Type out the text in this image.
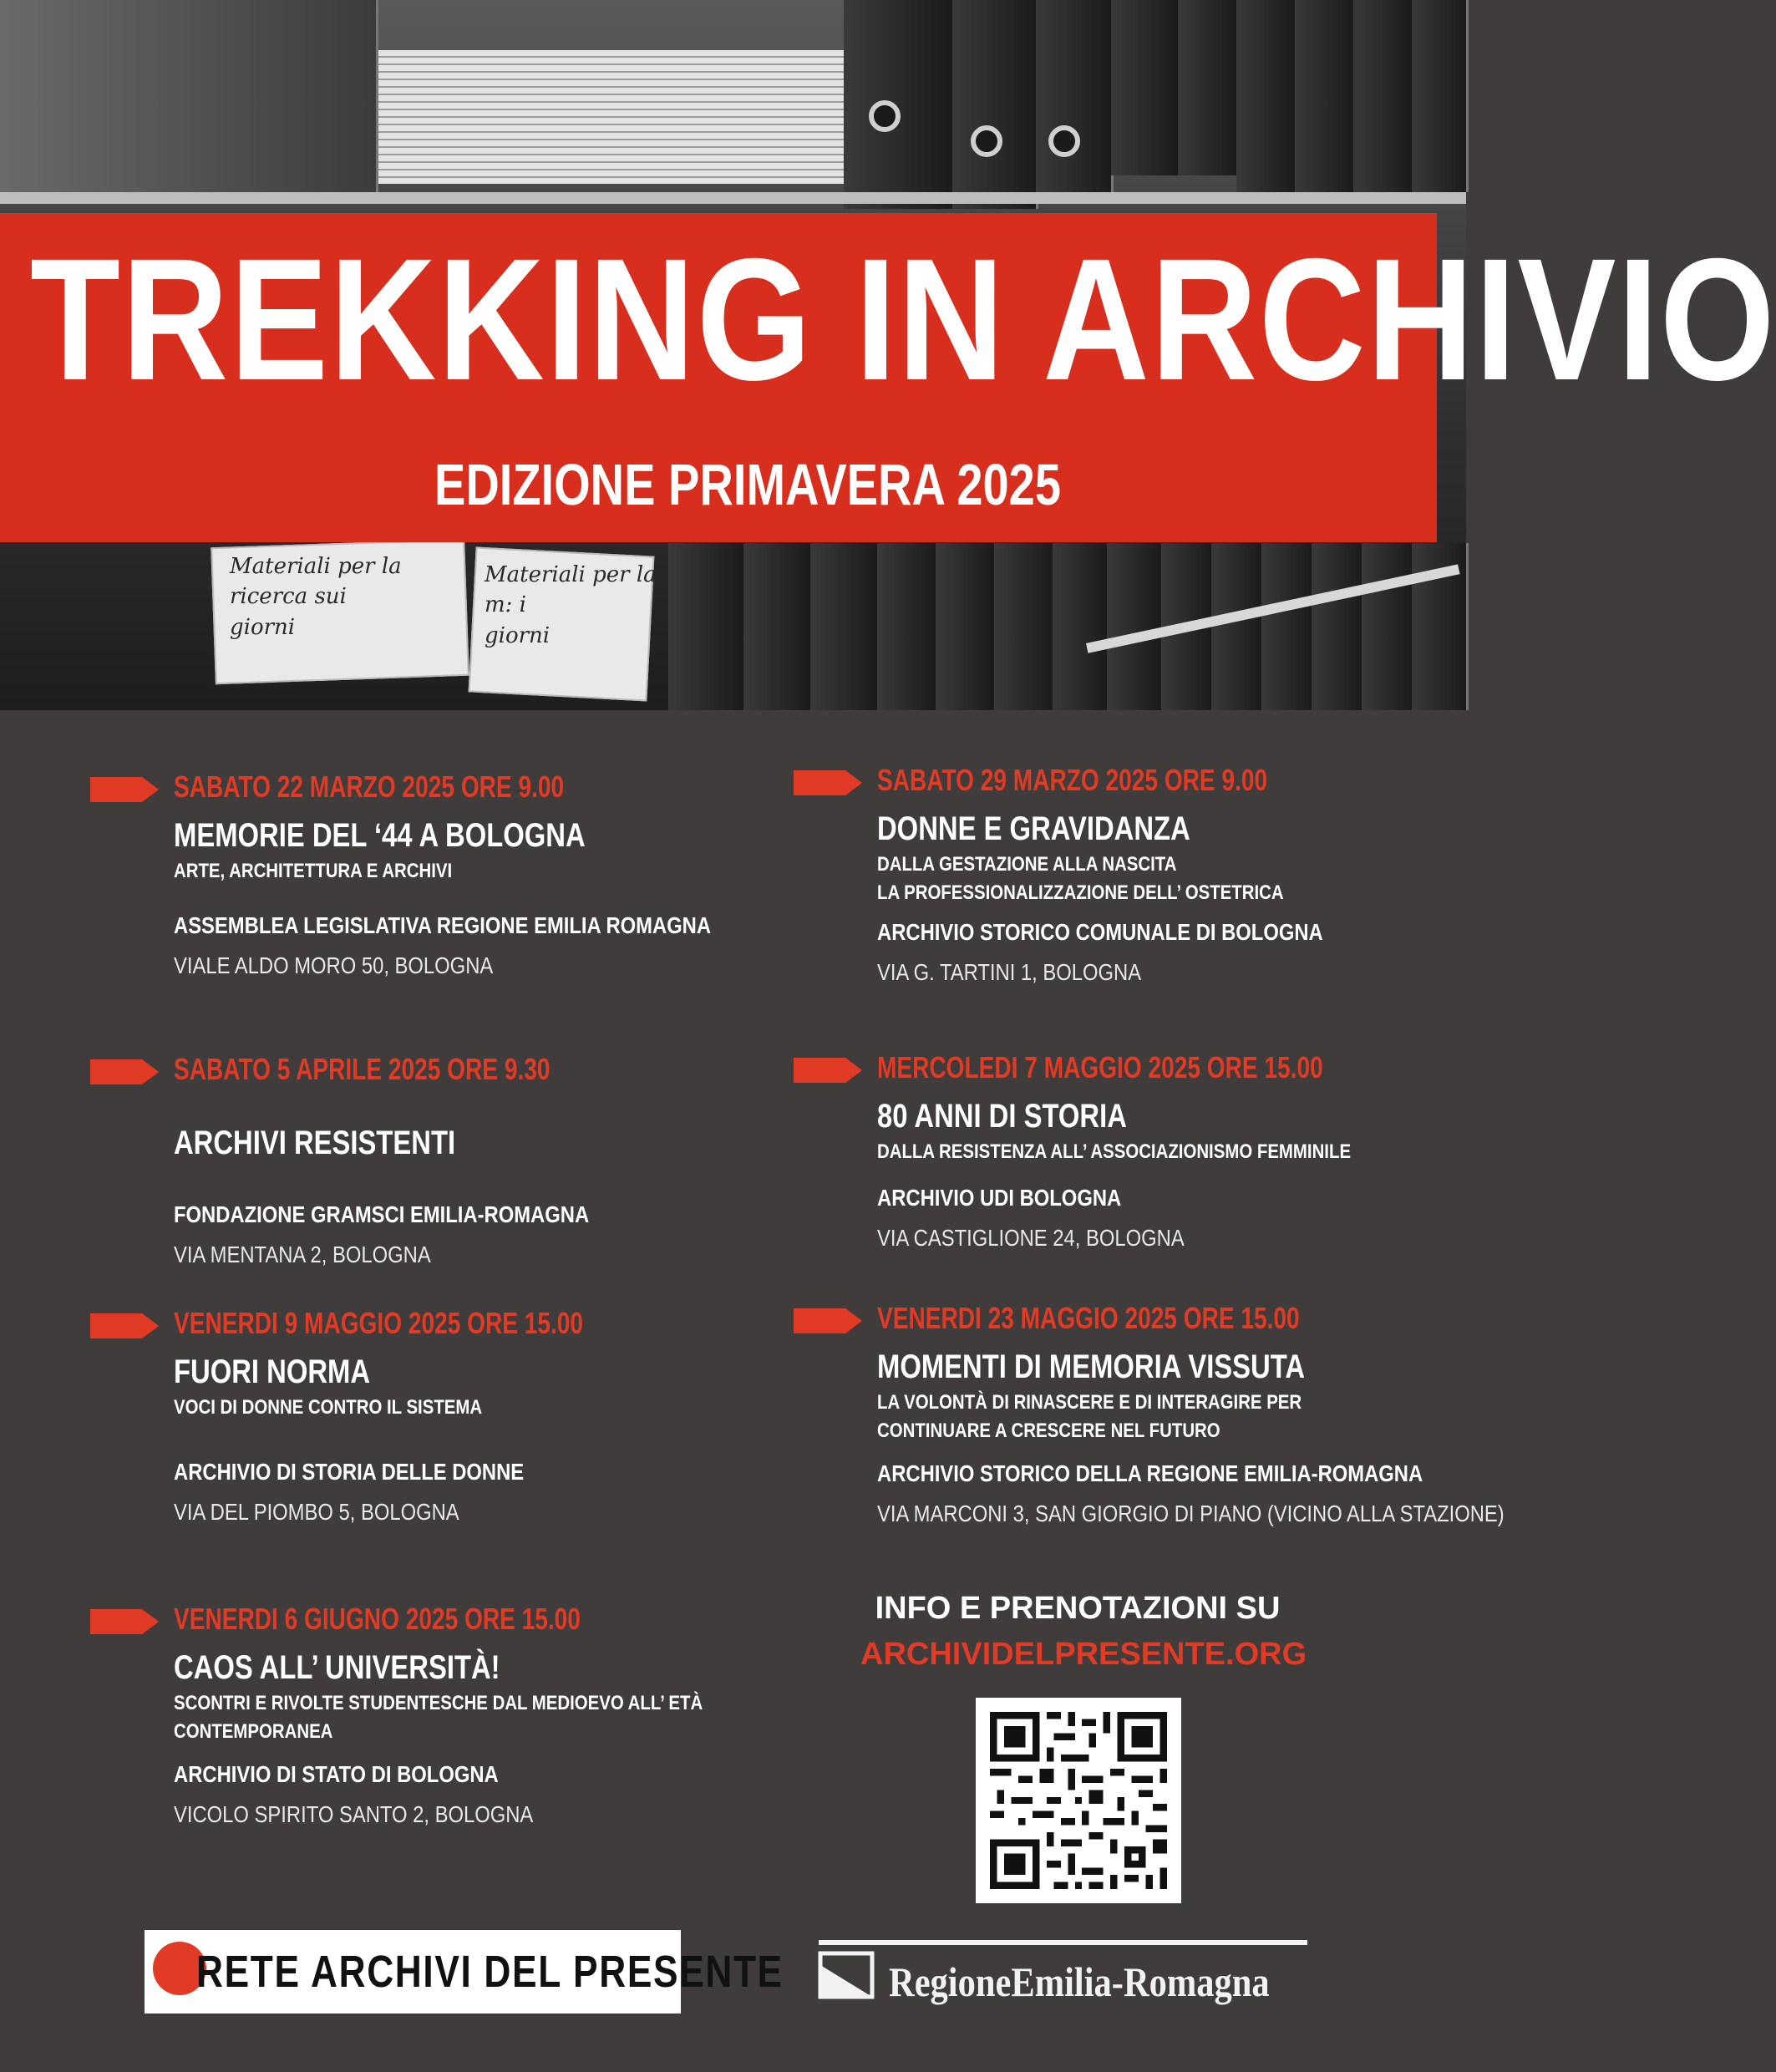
Materiali per la
ricerca sui
giorni
Materiali per la
m: i
giorni
TREKKING IN ARCHIVIO
EDIZIONE PRIMAVERA 2025
SABATO 22 MARZO 2025 ORE 9.00
MEMORIE DEL ‘44 A BOLOGNA
ARTE, ARCHITETTURA E ARCHIVI
ASSEMBLEA LEGISLATIVA REGIONE EMILIA ROMAGNA
VIALE ALDO MORO 50, BOLOGNA
SABATO 5 APRILE 2025 ORE 9.30
ARCHIVI RESISTENTI
FONDAZIONE GRAMSCI EMILIA-ROMAGNA
VIA MENTANA 2, BOLOGNA
VENERDI 9 MAGGIO 2025 ORE 15.00
FUORI NORMA
VOCI DI DONNE CONTRO IL SISTEMA
ARCHIVIO DI STORIA DELLE DONNE
VIA DEL PIOMBO 5, BOLOGNA
VENERDI 6 GIUGNO 2025 ORE 15.00
CAOS ALL’ UNIVERSITÀ!
SCONTRI E RIVOLTE STUDENTESCHE DAL MEDIOEVO ALL’ ETÀ
CONTEMPORANEA
ARCHIVIO DI STATO DI BOLOGNA
VICOLO SPIRITO SANTO 2, BOLOGNA
SABATO 29 MARZO 2025 ORE 9.00
DONNE E GRAVIDANZA
DALLA GESTAZIONE ALLA NASCITA
LA PROFESSIONALIZZAZIONE DELL’ OSTETRICA
ARCHIVIO STORICO COMUNALE DI BOLOGNA
VIA G. TARTINI 1, BOLOGNA
MERCOLEDI 7 MAGGIO 2025 ORE 15.00
80 ANNI DI STORIA
DALLA RESISTENZA ALL’ ASSOCIAZIONISMO FEMMINILE
ARCHIVIO UDI BOLOGNA
VIA CASTIGLIONE 24, BOLOGNA
VENERDI 23 MAGGIO 2025 ORE 15.00
MOMENTI DI MEMORIA VISSUTA
LA VOLONTÀ DI RINASCERE E DI INTERAGIRE PER
CONTINUARE A CRESCERE NEL FUTURO
ARCHIVIO STORICO DELLA REGIONE EMILIA-ROMAGNA
VIA MARCONI 3, SAN GIORGIO DI PIANO (VICINO ALLA STAZIONE)
INFO E PRENOTAZIONI SU
ARCHIVIDELPRESENTE.ORG
RETE ARCHIVI DEL PRESENTE	RegioneEmilia-Romagna
